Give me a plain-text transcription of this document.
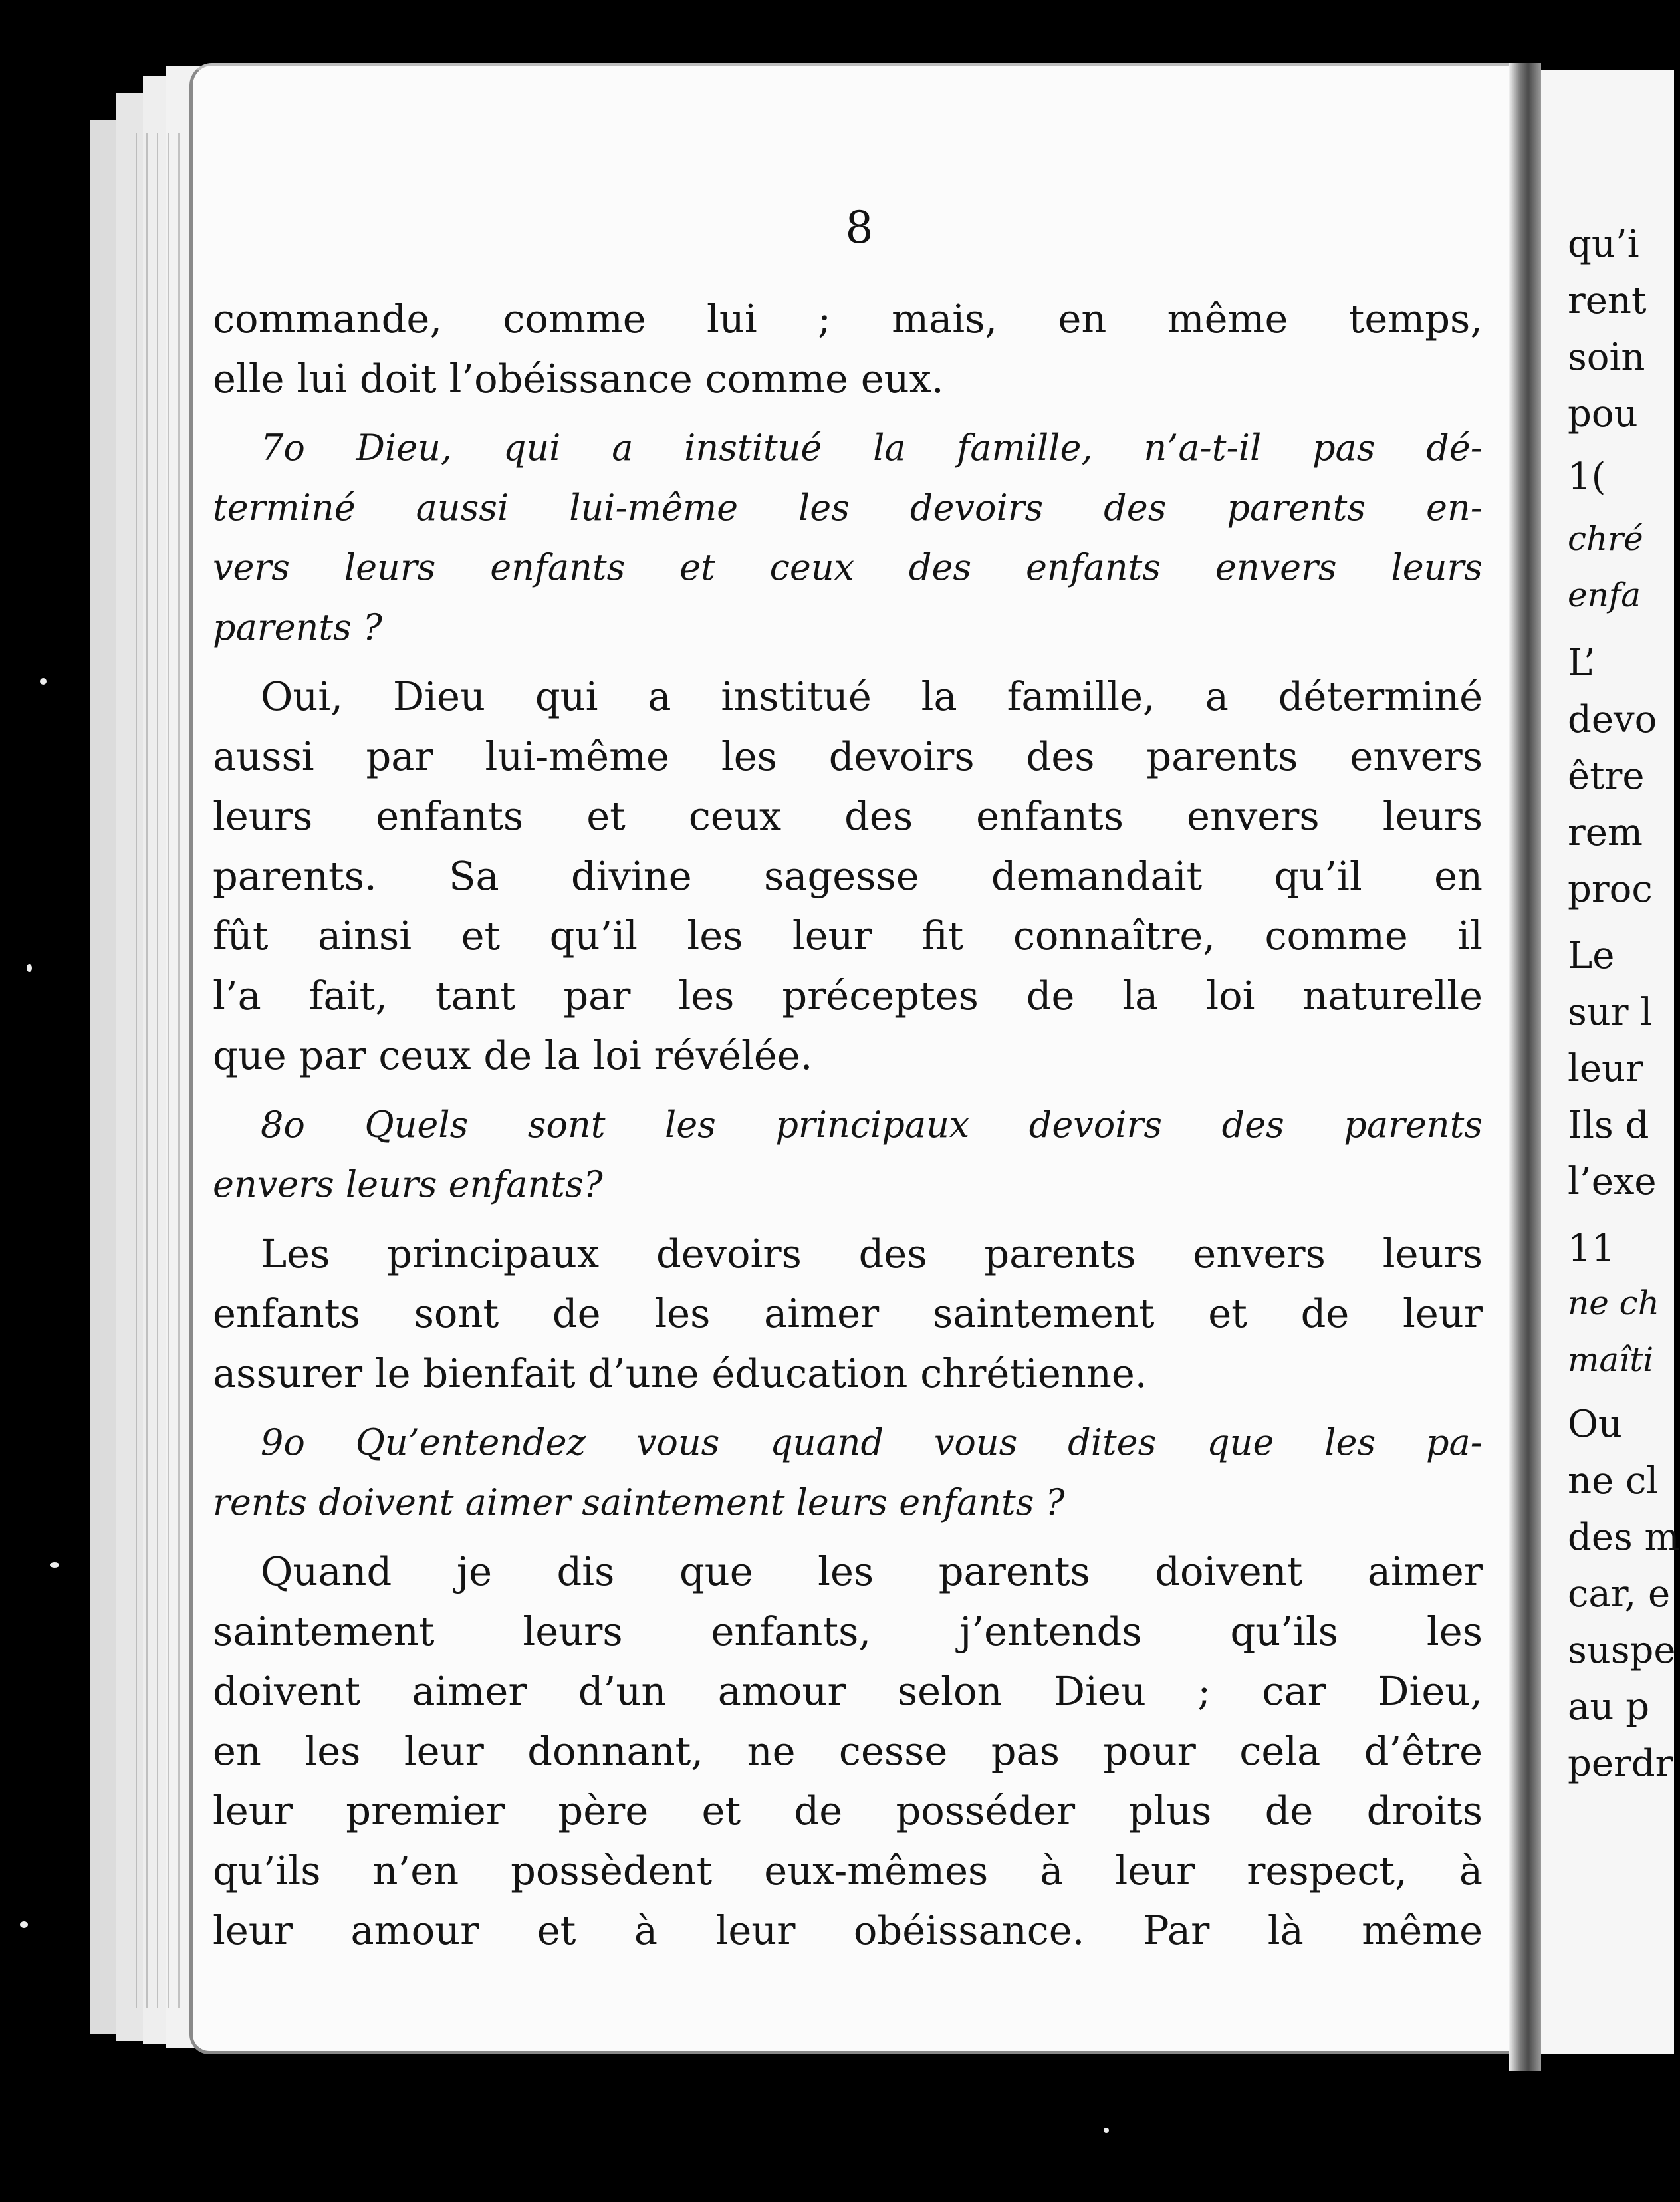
8	qu’i
rent
soin
pou
1(
chré
enfa
L’
devo
être
rem
proc
Le
sur l
leur
Ils d
l’exe
11
ne ch
maîti
Ou
ne cl
des m
car, e
suspe
au p
perdr
commande, comme lui ; mais, en même temps,
elle lui doit l’obéissance comme eux.
7o Dieu, qui a institué la famille, n’a-t-il pas dé-
terminé aussi lui-même les devoirs des parents en-
vers leurs enfants et ceux des enfants envers leurs
parents ?
Oui, Dieu qui a institué la famille, a déterminé
aussi par lui-même les devoirs des parents envers
leurs enfants et ceux des enfants envers leurs
parents. Sa divine sagesse demandait qu’il en
fût ainsi et qu’il les leur fit connaître, comme il
l’a fait, tant par les préceptes de la loi naturelle
que par ceux de la loi révélée.
8o Quels sont les principaux devoirs des parents
envers leurs enfants?
Les principaux devoirs des parents envers leurs
enfants sont de les aimer saintement et de leur
assurer le bienfait d’une éducation chrétienne.
9o Qu’entendez vous quand vous dites que les pa-
rents doivent aimer saintement leurs enfants ?
Quand je dis que les parents doivent aimer
saintement leurs enfants, j’entends qu’ils les
doivent aimer d’un amour selon Dieu ; car Dieu,
en les leur donnant, ne cesse pas pour cela d’être
leur premier père et de posséder plus de droits
qu’ils n’en possèdent eux-mêmes à leur respect, à
leur amour et à leur obéissance. Par là même
